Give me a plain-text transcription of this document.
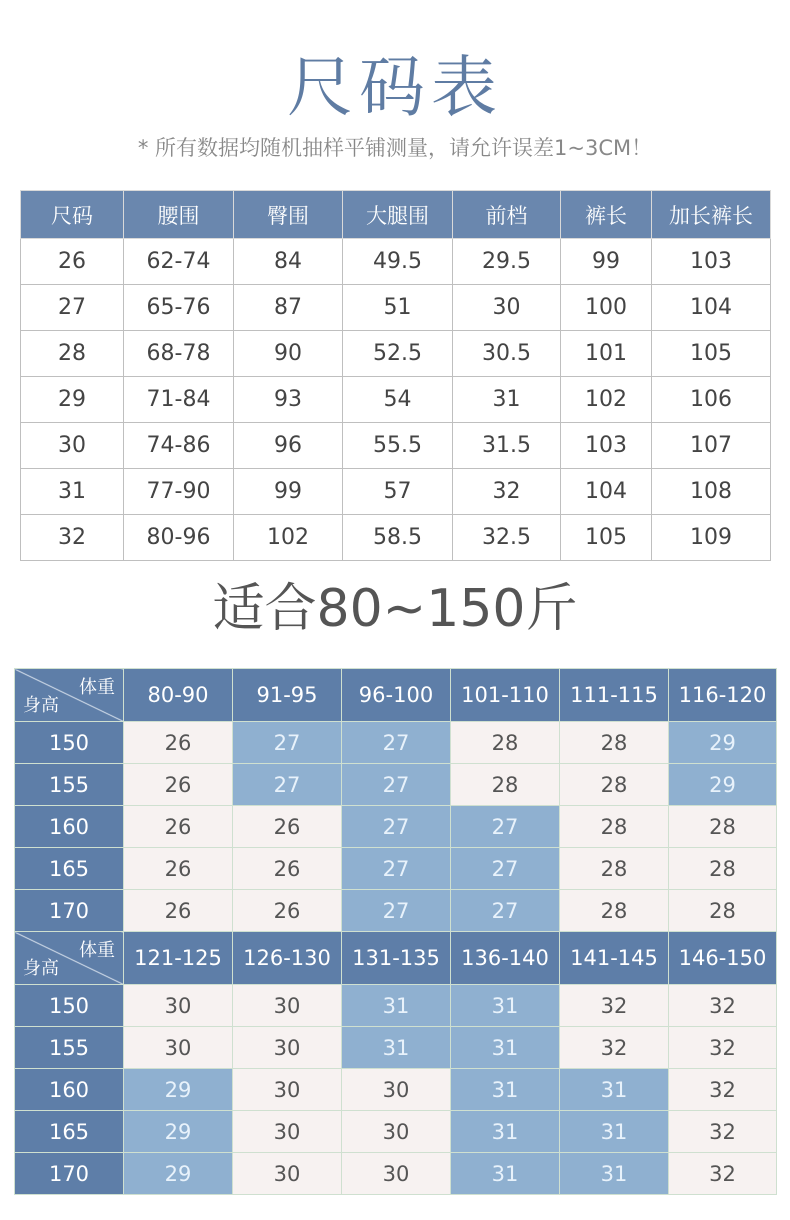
尺码表
* 所有数据均随机抽样平铺测量，请允许误差1~3CM！
尺码	腰围	臀围	大腿围	前档	裤长	加长裤长
26	62-74	84	49.5	29.5	99	103
27	65-76	87	51	30	100	104
28	68-78	90	52.5	30.5	101	105
29	71-84	93	54	31	102	106
30	74-86	96	55.5	31.5	103	107
31	77-90	99	57	32	104	108
32	80-96	102	58.5	32.5	105	109
适合80~150斤
体重
身高	80-90	91-95	96-100	101-110	111-115	116-120
150	26	27	27	28	28	29
155	26	27	27	28	28	29
160	26	26	27	27	28	28
165	26	26	27	27	28	28
170	26	26	27	27	28	28

体重
身高	121-125	126-130	131-135	136-140	141-145	146-150
150	30	30	31	31	32	32
155	30	30	31	31	32	32
160	29	30	30	31	31	32
165	29	30	30	31	31	32
170	29	30	30	31	31	32
